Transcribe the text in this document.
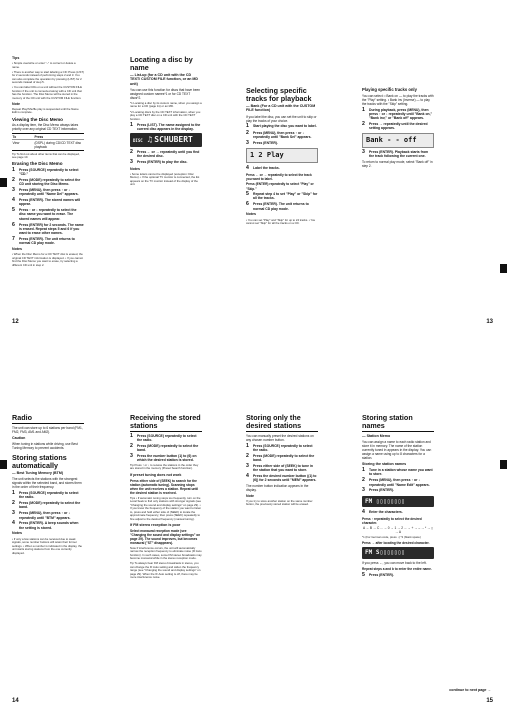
Tips

• Simple overwrite or enter "–" to correct or delete a name.

• There is another way to start labeling a CD: Press (LIST) for 2 seconds instead of performing steps 2 and 3. You can also complete the operation by pressing (LIST) for 2 seconds instead of step 5.

• You can label CDs on a unit without the CUSTOM FILE function if the unit is connected along with a CD unit that has the function. The Disc Memo will be stored in the memory of the CD unit with the CUSTOM FILE function.

Note

Repeat Play/Shuffle play is suspended until the Name Edit is complete.

Viewing the Disc Memo

As a display item, the Disc Memo always takes priority over any original CD TEXT information.

To	Press
View	(DSPL) during CD/CD TEXT disc playback

Tip To find out about other items that can be displayed, see page 10.

Erasing the Disc Memo

1	Press (SOURCE) repeatedly to select "CD."
2	Press (MODE) repeatedly to select the CD unit storing the Disc Memo.
3	Press (MENU), then press ↑ or ↓ repeatedly until "Name Del" appears.
4	Press (ENTER). The stored names will appear.
5	Press ↑ or ↓ repeatedly to select the disc name you want to erase. The stored names will appear.
6	Press (ENTER) for 2 seconds. The name is erased. Repeat steps 5 and 6 if you want to erase other names.
7	Press (ENTER). The unit returns to normal CD play mode.

Notes

• When the Disc Memo for a CD TEXT disc is erased, the original CD TEXT information is displayed. • If you cannot find the Disc Memo you want to erase, try selecting a different CD unit in step 2.

Locating a disc by name

— List-up (for a CD unit with the CD TEXT/ CUSTOM FILE function, or an MD unit)

You can use this function for discs that have been assigned custom names*1 or for CD TEXT discs*2.

*1 Locating a disc by its custom name, when you assign a name for a CD (page 11) or an MD.

*2 Locating discs by the CD TEXT information, when you play a CD TEXT disc on a CD unit with the CD TEXT function.

1	Press (LIST). The name assigned to the current disc appears in the display.
DISC ♫ SCHUBERT
2	Press ← or → repeatedly until you find the desired disc.
3	Press (ENTER) to play the disc.

Notes

• Some letters cannot be displayed (exception: Disc Memo). • If the optional TV monitor is connected, the list appears on the TV monitor instead of the display of the unit.

Selecting specific tracks for playback

— Bank (For a CD unit with the CUSTOM FILE function)

If you label the disc, you can set the unit to skip or play the tracks of your choice.

1	Start playing the disc you want to label.
2	Press (MENU), then press ↑ or ↓ repeatedly until "Bank Sel" appears.
3	Press (ENTER).
1 2 Play
4	Label the tracks.

Press ← or → repeatedly to select the track you want to label.

Press (ENTER) repeatedly to select "Play" or "Skip."

5	Repeat step 4 to set "Play" or "Skip" for all the tracks.
6	Press (ENTER). The unit returns to normal CD play mode.

Notes

• You can set "Play" and "Skip" for up to 24 tracks. • You cannot set "Skip" for all the tracks on a CD.

Playing specific tracks only

You can select: • Bank on — to play the tracks with the "Play" setting. • Bank inv (Inverse) — to play the tracks with the "Skip" setting.

1	During playback, press (MENU), then press ↑ or ↓ repeatedly until "Bank on," "Bank inv," or "Bank off" appears.
2	Press → repeatedly until the desired setting appears.
Bank - - off
3	Press (ENTER). Playback starts from the track following the current one.

To return to normal play mode, select "Bank off" in step 2.

12	13

Radio

The unit can store up to 6 stations per band (FM1, FM2, FM3, AM1 and AM2).

Caution

When tuning in stations while driving, use Best Tuning Memory to prevent accidents.

Storing stations automatically

— Best Tuning Memory (BTM)

The unit selects the stations with the strongest signals within the selected band, and stores them in the order of their frequency.

1	Press (SOURCE) repeatedly to select the radio.
2	Press (MODE) repeatedly to select the band.
3	Press (MENU), then press ↑ or ↓ repeatedly until "BTM" appears.
4	Press (ENTER). A beep sounds when the setting is stored.

Notes

• If only a few stations can be received due to weak signals, some number buttons will retain their former settings. • When a number is indicated in the display, the unit starts storing stations from the one currently displayed.

Receiving the stored stations

1	Press (SOURCE) repeatedly to select the radio.
2	Press (MODE) repeatedly to select the band.
3	Press the number button (1) to (6) on which the desired station is stored.

Tip Press ↑ or ↓ to receive the stations in the order they are stored in the memory (Preset Search function).

If preset tuning does not work

Press either side of (SEEK) to search for the station (automatic tuning). Scanning stops when the unit receives a station. Repeat until the desired station is received.

Tips • If automatic tuning stops too frequently, turn on the Local Seek to find only stations with stronger signals (see "Changing the sound and display settings" on page 29). • If you know the frequency of the station you want to listen to, press and hold either side of (SEEK) to locate the approximate frequency, then press (SEEK) repeatedly to fine adjust to the desired frequency (manual tuning).

If FM stereo reception is poor

Select monaural reception mode (see "Changing the sound and display settings" on page 29). The sound improves, but becomes monaural ("ST" disappears).

Note If interference occurs, the unit will automatically narrow the reception frequency to eliminate noise (IF Auto function). In such cases, some FM stereo broadcasts may become monaural while in the stereo reception mode.

Tip To always hear FM stereo broadcasts in stereo, you can change the IF Auto setting and widen the frequency range (see "Changing the sound and display settings" on page 29). When the IF Auto setting is off, there may be more interference noise.

Storing only the desired stations

You can manually preset the desired stations on any chosen number button.

1	Press (SOURCE) repeatedly to select the radio.
2	Press (MODE) repeatedly to select the band.
3	Press either side of (SEEK) to tune in the station that you want to store.
4	Press the desired number button ((1) to (6)) for 2 seconds until "MEM" appears.

The number button indication appears in the display.

Note

If you try to store another station on the same number button, the previously stored station will be erased.

Storing station names

— Station Memo

You can assign a name to each radio station and store it in memory. The name of the station currently tuned in appears in the display. You can assign a name using up to 8 characters for a station.

Storing the station names

1	Tune in a station whose name you want to store.
2	Press (MENU), then press ↑ or ↓ repeatedly until "Name Edit" appears.
3	Press (ENTER).
FM ▯▯▯▯▯▯▯▯
4	Enter the characters.

Press ↑ repeatedly to select the desired character.

A → B → C ... → 0 → 1 → 2 ... → + → – → * → ▯ → A

*1 (For German code, press ↓) *2 (blank space)

Press → after locating the desired character.

FM S▯▯▯▯▯▯▯

If you press ←, you can move back to the left.

Repeat steps a and b to enter the entire name.

5	Press (ENTER).
continue to next page →
14	15
